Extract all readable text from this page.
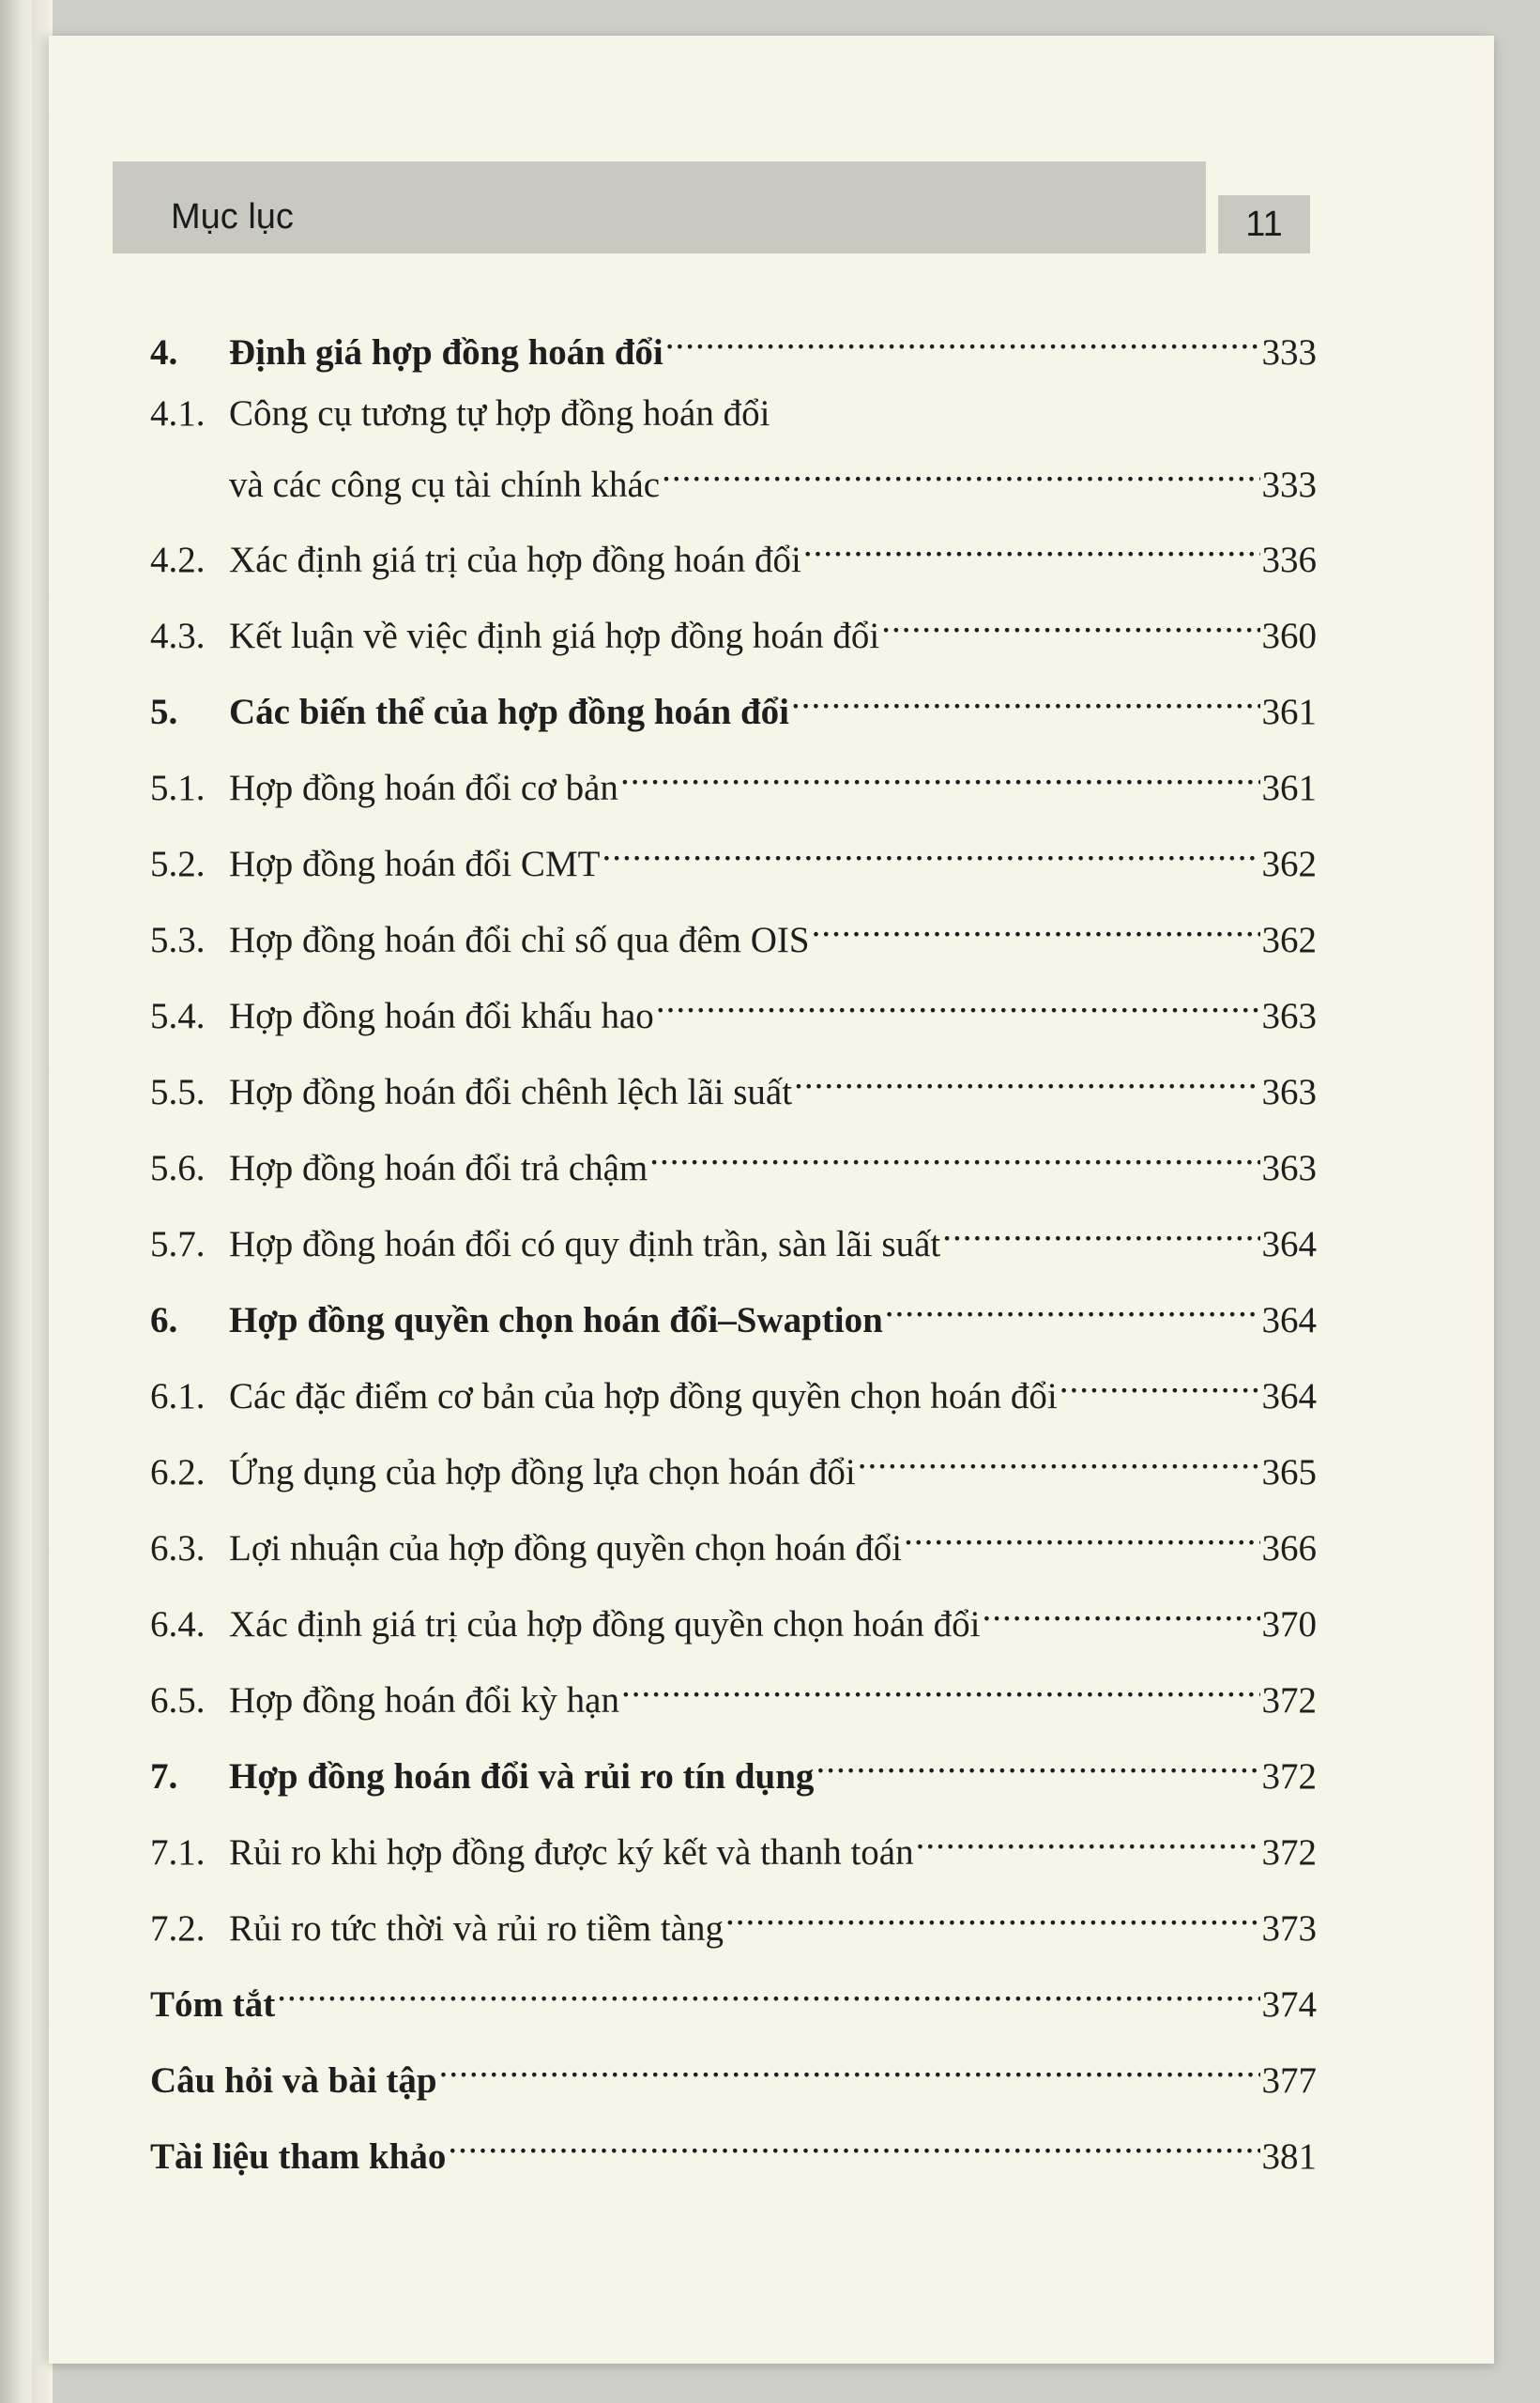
Mục lục	11
4.	Định giá hợp đồng hoán đổi .....	333
4.1. Công cụ tương tự hợp đồng hoán đổi
và các công cụ tài chính khác .....	333
4.2. Xác định giá trị của hợp đồng hoán đổi .....	336
4.3. Kết luận về việc định giá hợp đồng hoán đổi .....	360
5.	Các biến thể của hợp đồng hoán đổi .....	361
5.1. Hợp đồng hoán đổi cơ bản .....	361
5.2. Hợp đồng hoán đổi CMT .....	362
5.3. Hợp đồng hoán đổi chỉ số qua đêm OIS .....	362
5.4. Hợp đồng hoán đổi khấu hao .....	363
5.5. Hợp đồng hoán đổi chênh lệch lãi suất .....	363
5.6. Hợp đồng hoán đổi trả chậm .....	363
5.7. Hợp đồng hoán đổi có quy định trần, sàn lãi suất .....	364
6.	Hợp đồng quyền chọn hoán đổi–Swaption .....	364
6.1. Các đặc điểm cơ bản của hợp đồng quyền chọn hoán đổi .....	364
6.2. Ứng dụng của hợp đồng lựa chọn hoán đổi .....	365
6.3. Lợi nhuận của hợp đồng quyền chọn hoán đổi .....	366
6.4. Xác định giá trị của hợp đồng quyền chọn hoán đổi .....	370
6.5. Hợp đồng hoán đổi kỳ hạn .....	372
7.	Hợp đồng hoán đổi và rủi ro tín dụng .....	372
7.1. Rủi ro khi hợp đồng được ký kết và thanh toán .....	372
7.2. Rủi ro tức thời và rủi ro tiềm tàng .....	373
Tóm tắt .....	374
Câu hỏi và bài tập .....	377
Tài liệu tham khảo .....	381
